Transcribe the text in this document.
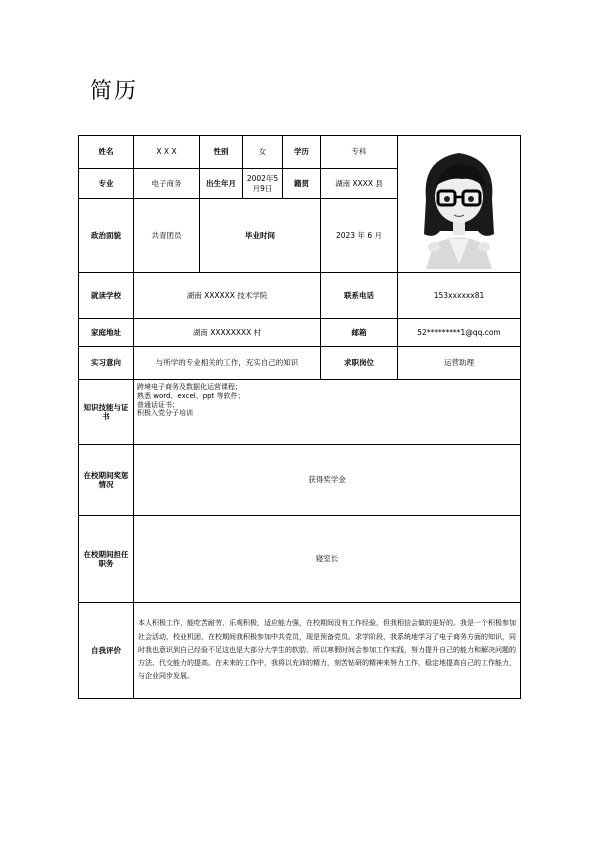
简历
姓名	X X X	性别	女	学历	专科	

专业	电子商务	出生年月	2002年5月9日	籍贯	湖南 XXXX 县	
政治面貌	共青团员	毕业时间			2023 年 6 月	
就读学校	湖南 XXXXXX 技术学院				联系电话	153xxxxxx81
家庭地址	湖南 XXXXXXXX 村				邮箱	52*********1@qq.com
实习意向	与所学的专业相关的工作，充实自己的知识				求职岗位	运营助理
知识技能与证书	跨境电子商务及数据化运营课程；
熟悉 word、excel、ppt 等软件；
普通话证书；
积极入党分子培训					

在校期间奖惩情况	获得奖学金					
在校期间担任职务	寝室长					
自我评价	本人积极工作，能吃苦耐劳，乐观积极，适应能力强，在校期间没有工作经验，但我相信会做的更好的。我是一个积极参加社会活动，校业机团，在校期间我积极参加中共党员，现是预备党员。求学阶段，我系统地学习了电子商务方面的知识，同时我也意识到自己经验不足这也是大部分大学生的软肋，所以寒假时间会参加工作实践，努力提升自己的能力和解决问题的方法、代交能力的提高。在未来的工作中，我将以充沛的精力，刻苦钻研的精神来努力工作，稳定地提高自己的工作能力，与企业同步发展。					
